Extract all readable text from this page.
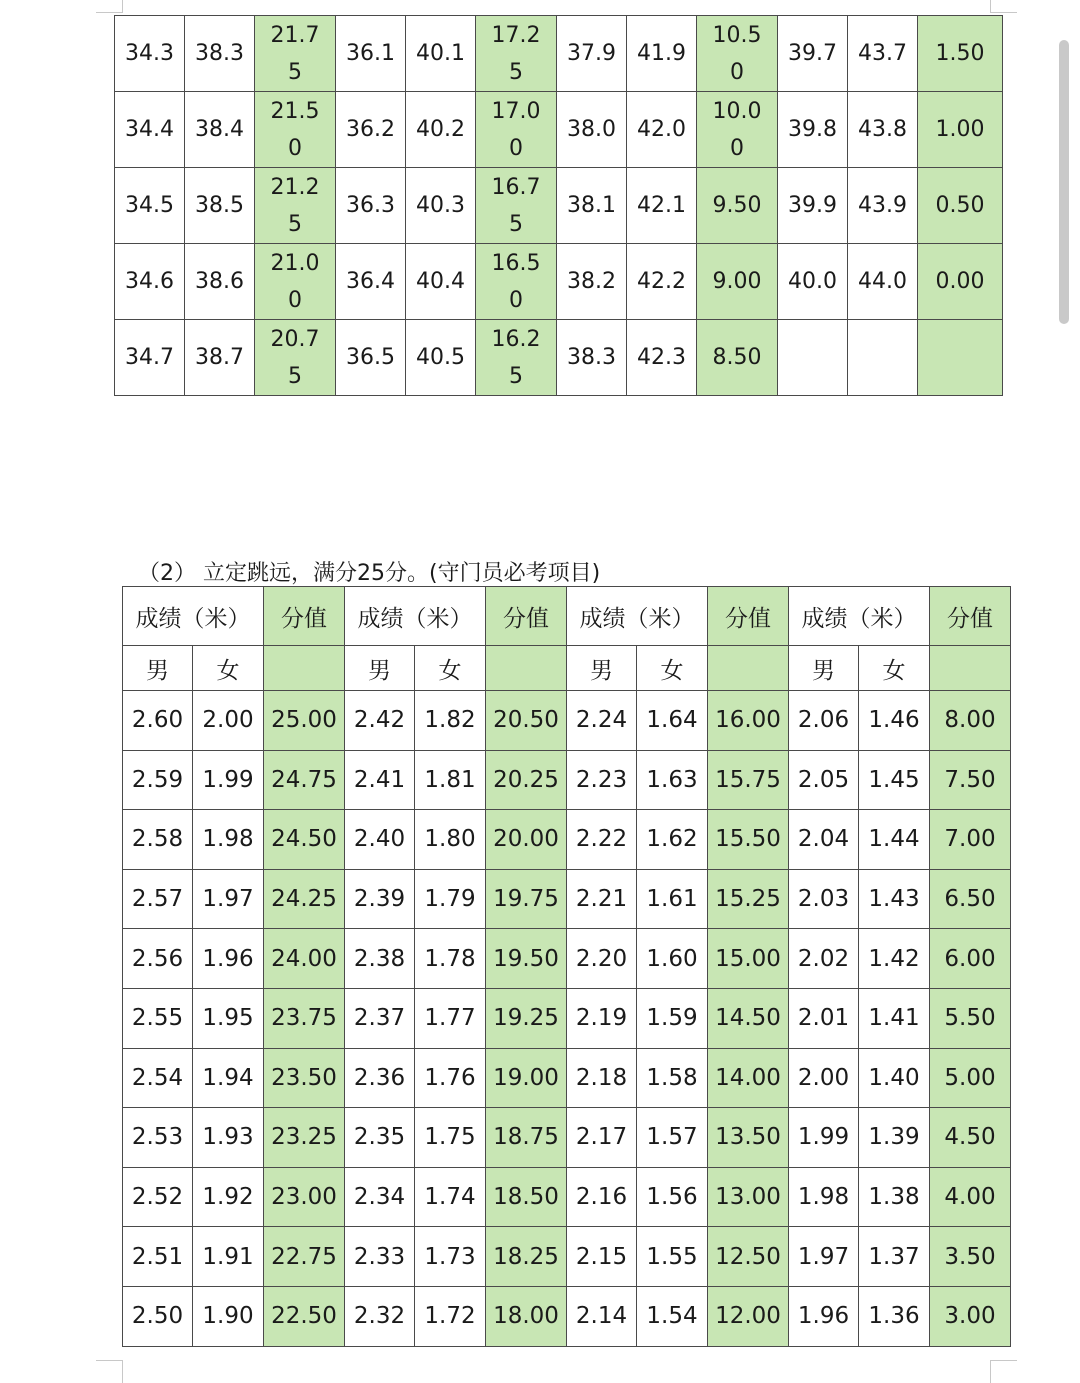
34.3	38.3	21.75	36.1	40.1	17.25	37.9	41.9	10.50	39.7	43.7	1.50
34.4	38.4	21.50	36.2	40.2	17.00	38.0	42.0	10.00	39.8	43.8	1.00
34.5	38.5	21.25	36.3	40.3	16.75	38.1	42.1	9.50	39.9	43.9	0.50
34.6	38.6	21.00	36.4	40.4	16.50	38.2	42.2	9.00	40.0	44.0	0.00
34.7	38.7	20.75	36.5	40.5	16.25	38.3	42.3	8.50			
（2） 立定跳远，满分25分。(守门员必考项目)
成绩（米）		分值	成绩（米）		分值	成绩（米）		分值	成绩（米）		分值
男	女		男	女		男	女		男	女	
2.60	2.00	25.00	2.42	1.82	20.50	2.24	1.64	16.00	2.06	1.46	8.00
2.59	1.99	24.75	2.41	1.81	20.25	2.23	1.63	15.75	2.05	1.45	7.50
2.58	1.98	24.50	2.40	1.80	20.00	2.22	1.62	15.50	2.04	1.44	7.00
2.57	1.97	24.25	2.39	1.79	19.75	2.21	1.61	15.25	2.03	1.43	6.50
2.56	1.96	24.00	2.38	1.78	19.50	2.20	1.60	15.00	2.02	1.42	6.00
2.55	1.95	23.75	2.37	1.77	19.25	2.19	1.59	14.50	2.01	1.41	5.50
2.54	1.94	23.50	2.36	1.76	19.00	2.18	1.58	14.00	2.00	1.40	5.00
2.53	1.93	23.25	2.35	1.75	18.75	2.17	1.57	13.50	1.99	1.39	4.50
2.52	1.92	23.00	2.34	1.74	18.50	2.16	1.56	13.00	1.98	1.38	4.00
2.51	1.91	22.75	2.33	1.73	18.25	2.15	1.55	12.50	1.97	1.37	3.50
2.50	1.90	22.50	2.32	1.72	18.00	2.14	1.54	12.00	1.96	1.36	3.00
